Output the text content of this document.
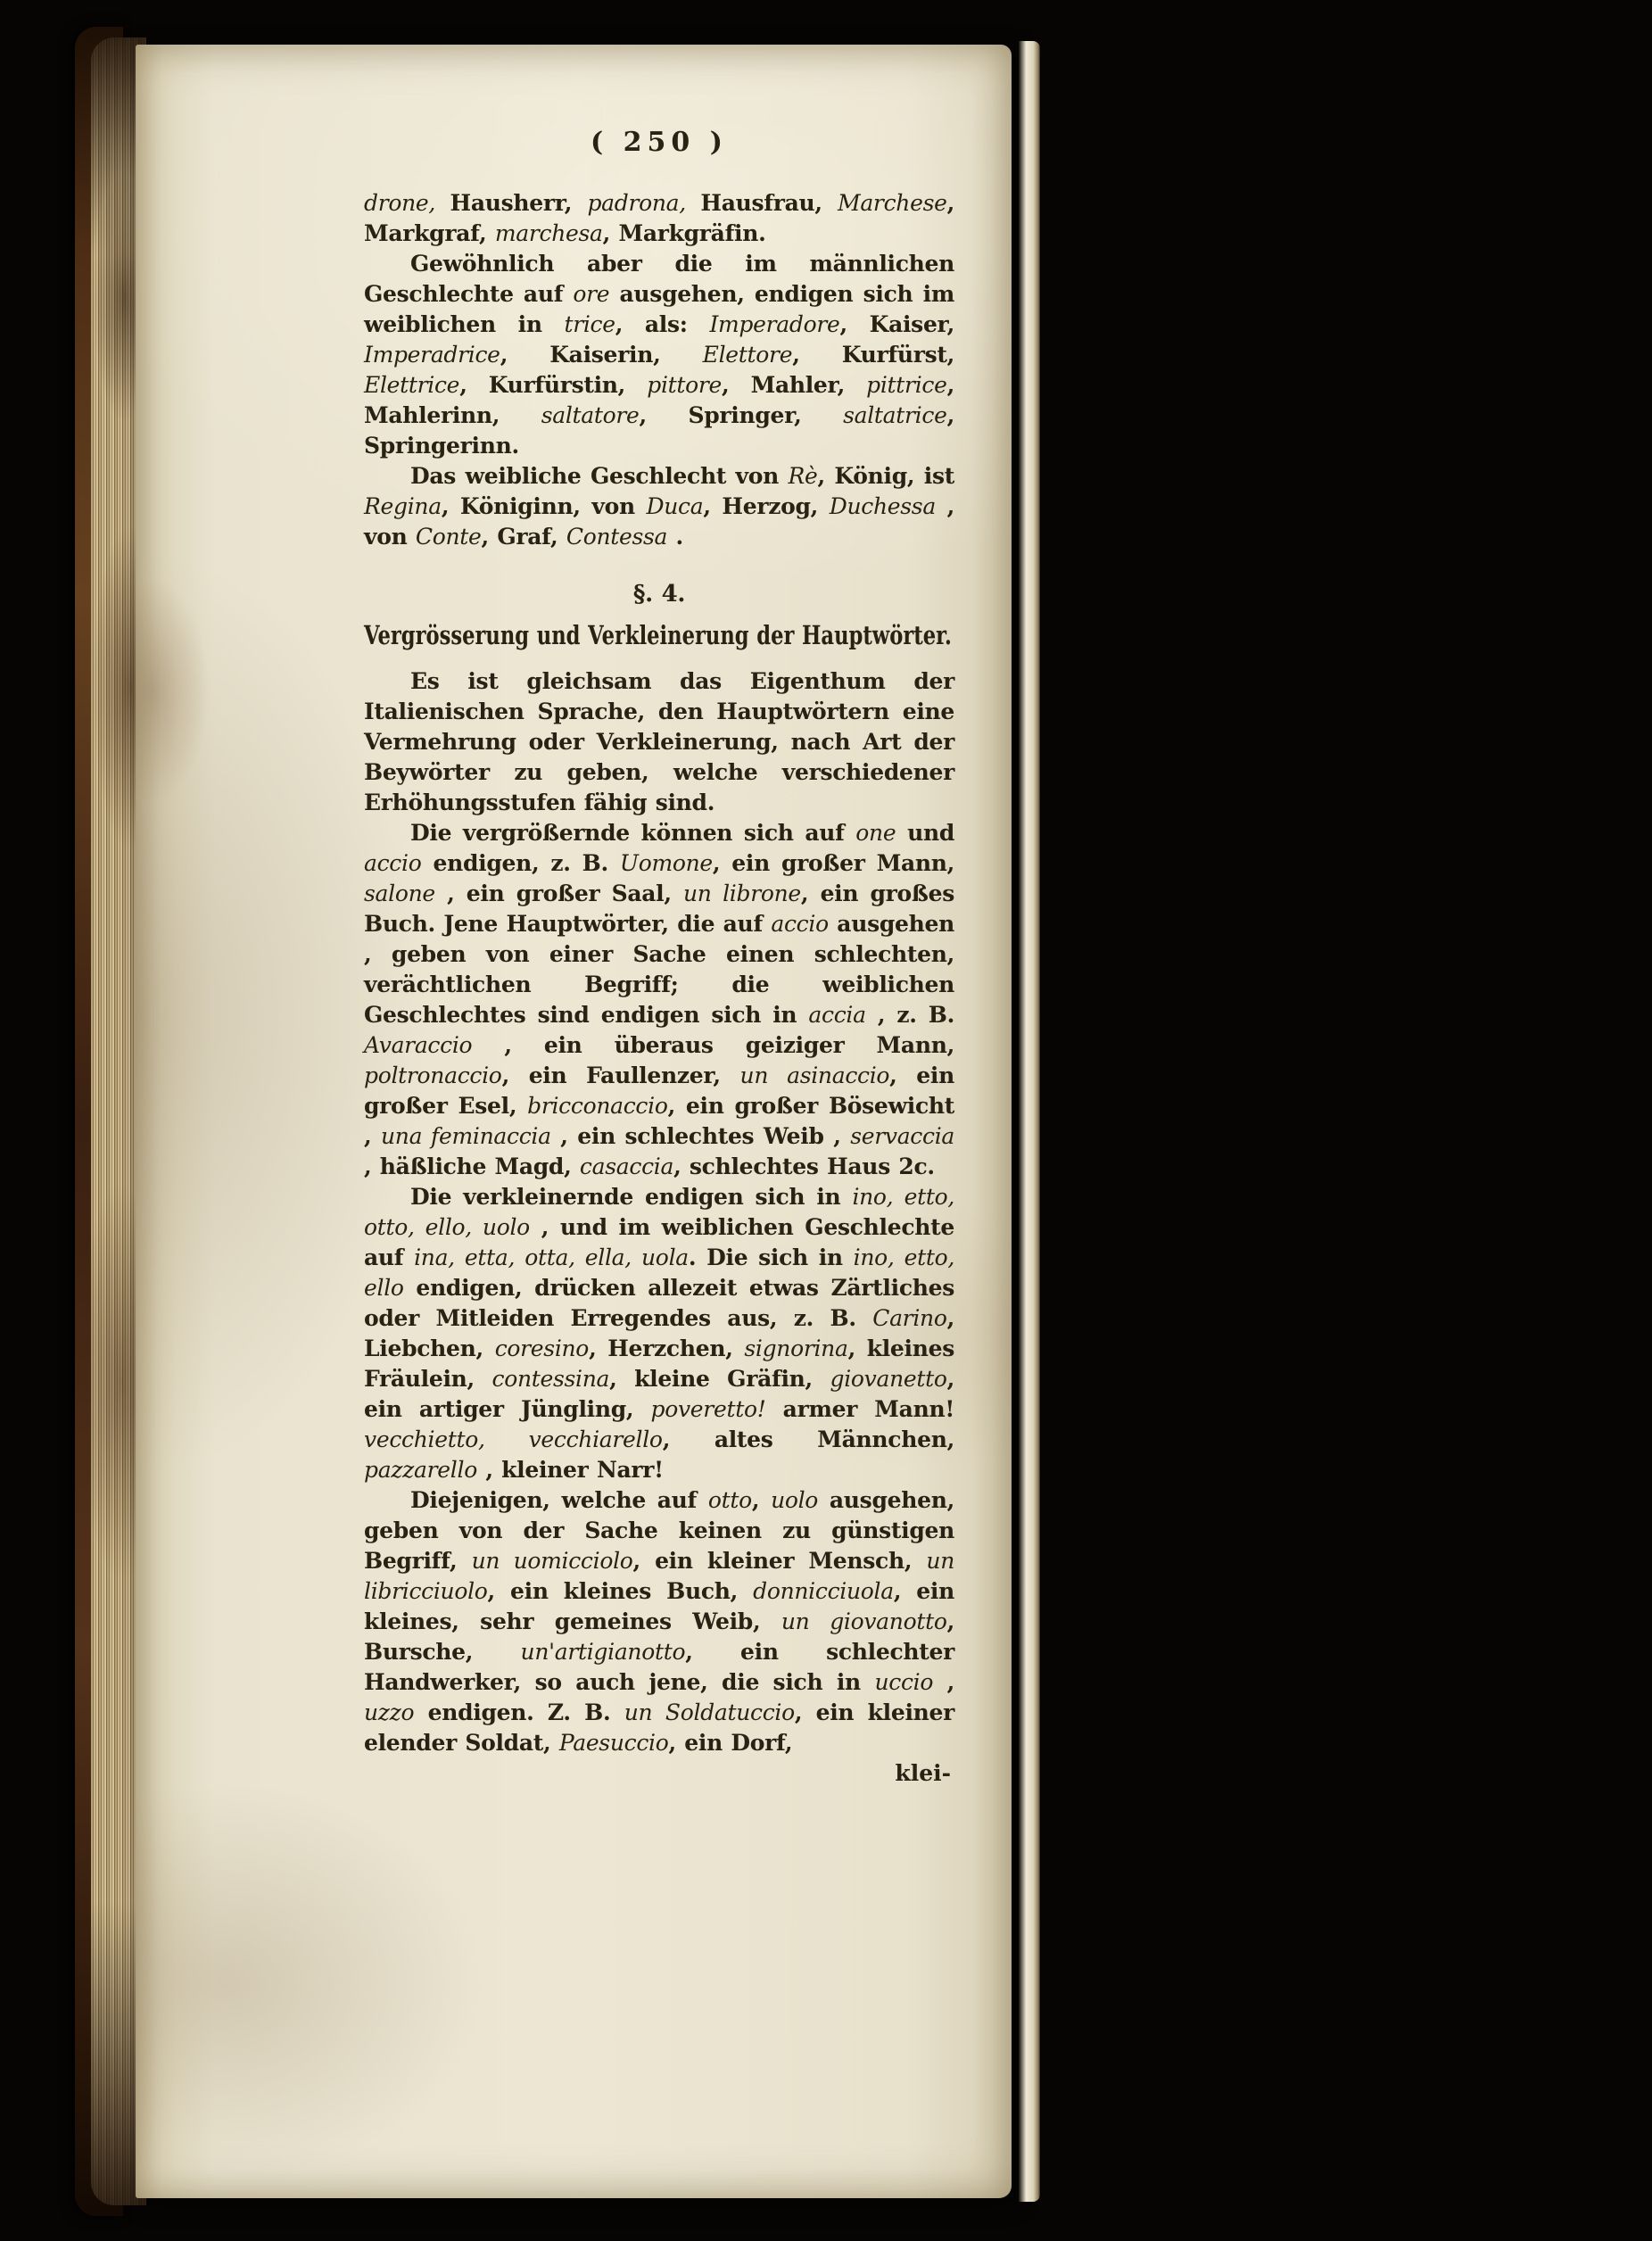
( 250 )
drone, Hausherr, padrona, Hausfrau, Marchese, Markgraf, marchesa, Markgräfin.
Gewöhnlich aber die im männlichen Geschlechte auf ore ausgehen, endigen sich im weiblichen in trice, als: Imperadore, Kaiser, Imperadrice, Kaiserin, Elettore, Kurfürst, Elettrice, Kurfürstin, pittore, Mahler, pittrice, Mahlerinn, saltatore, Springer, saltatrice, Springerinn.
Das weibliche Geschlecht von Rè, König, ist Regina, Königinn, von Duca, Herzog, Duchessa , von Conte, Graf, Contessa .
§. 4.
Vergrösserung und Verkleinerung der Hauptwörter.
Es ist gleichsam das Eigenthum der Italienischen Sprache, den Hauptwörtern eine Vermehrung oder Verkleinerung, nach Art der Beywörter zu geben, welche verschiedener Erhöhungsstufen fähig sind.
Die vergrößernde können sich auf one und accio endigen, z. B. Uomone, ein großer Mann, salone , ein großer Saal, un librone, ein großes Buch. Jene Hauptwörter, die auf accio ausgehen , geben von einer Sache einen schlechten, verächtlichen Begriff; die weiblichen Geschlechtes sind endigen sich in accia , z. B. Avaraccio , ein überaus geiziger Mann, poltronaccio, ein Faullenzer, un asinaccio, ein großer Esel, bricconaccio, ein großer Bösewicht , una feminaccia , ein schlechtes Weib , servaccia , häßliche Magd, casaccia, schlechtes Haus 2c.
Die verkleinernde endigen sich in ino, etto, otto, ello, uolo , und im weiblichen Geschlechte auf ina, etta, otta, ella, uola. Die sich in ino, etto, ello endigen, drücken allezeit etwas Zärtliches oder Mitleiden Erregendes aus, z. B. Carino, Liebchen, coresino, Herzchen, signorina, kleines Fräulein, contessina, kleine Gräfin, giovanetto, ein artiger Jüngling, poveretto! armer Mann! vecchietto, vecchiarello, altes Männchen, pazzarello , kleiner Narr!
Diejenigen, welche auf otto, uolo ausgehen, geben von der Sache keinen zu günstigen Begriff, un uomicciolo, ein kleiner Mensch, un libricciuolo, ein kleines Buch, donnicciuola, ein kleines, sehr gemeines Weib, un giovanotto, Bursche, un'artigianotto, ein schlechter Handwerker, so auch jene, die sich in uccio , uzzo endigen. Z. B. un Soldatuccio, ein kleiner elender Soldat, Paesuccio, ein Dorf,
klei-
